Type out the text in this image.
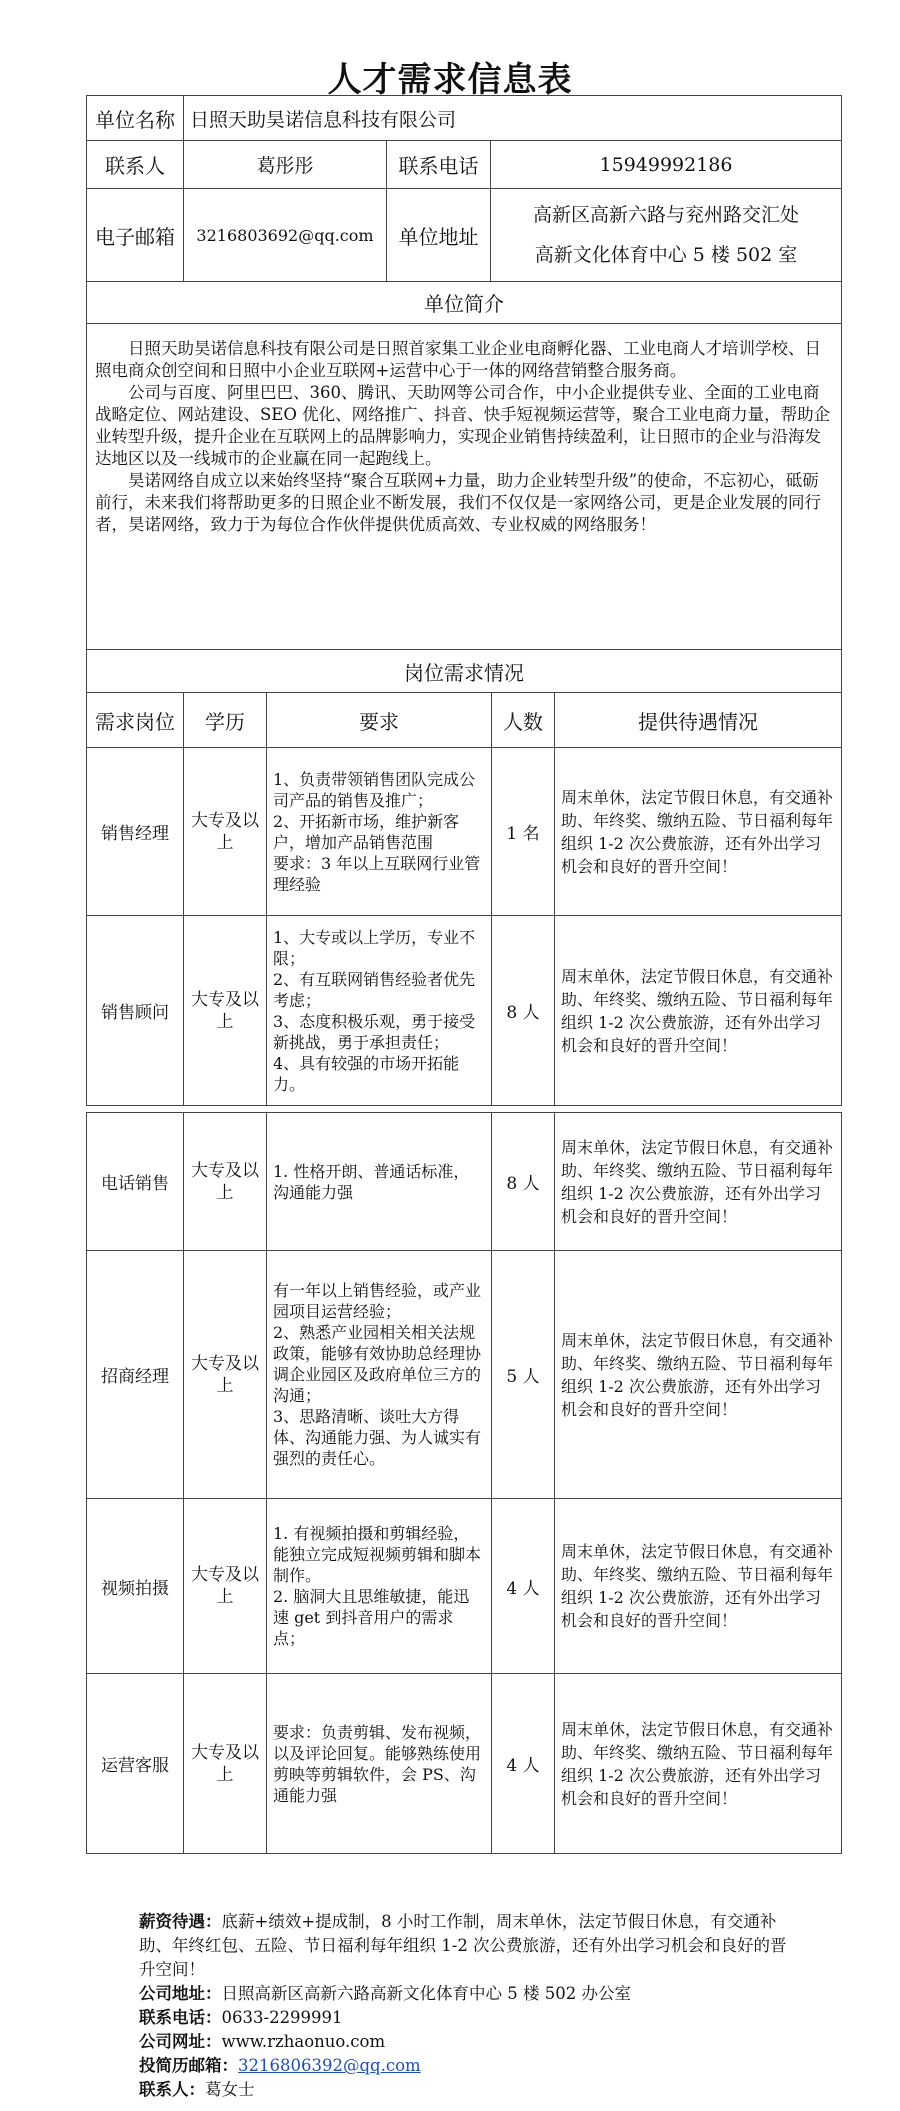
人才需求信息表
单位名称	日照天助昊诺信息科技有限公司		
联系人	葛彤彤	联系电话	15949992186
电子邮箱	3216803692@qq.com	单位地址	高新区高新六路与兖州路交汇处
高新文化体育中心 5 楼 502 室

单位简介			

日照天助昊诺信息科技有限公司是日照首家集工业企业电商孵化器、工业电商人才培训学校、日照电商众创空间和日照中小企业互联网+运营中心于一体的网络营销整合服务商。

公司与百度、阿里巴巴、360、腾讯、天助网等公司合作，中小企业提供专业、全面的工业电商战略定位、网站建设、SEO 优化、网络推广、抖音、快手短视频运营等，聚合工业电商力量，帮助企业转型升级，提升企业在互联网上的品牌影响力，实现企业销售持续盈利，让日照市的企业与沿海发达地区以及一线城市的企业赢在同一起跑线上。

昊诺网络自成立以来始终坚持“聚合互联网+力量，助力企业转型升级”的使命，不忘初心，砥砺前行，未来我们将帮助更多的日照企业不断发展，我们不仅仅是一家网络公司，更是企业发展的同行者，昊诺网络，致力于为每位合作伙伴提供优质高效、专业权威的网络服务！			

岗位需求情况			
需求岗位	学历	要求	人数	提供待遇情况
销售经理	大专及以上	1、负责带领销售团队完成公司产品的销售及推广；
2、开拓新市场，维护新客户，增加产品销售范围
要求：3 年以上互联网行业管理经验	1 名	周末单休，法定节假日休息，有交通补助、年终奖、缴纳五险、节日福利每年组织 1-2 次公费旅游，还有外出学习机会和良好的晋升空间！
销售顾问	大专及以上	1、大专或以上学历，专业不限；
2、有互联网销售经验者优先考虑；
3、态度积极乐观，勇于接受新挑战，勇于承担责任；
4、具有较强的市场开拓能力。	8 人	周末单休，法定节假日休息，有交通补助、年终奖、缴纳五险、节日福利每年组织 1-2 次公费旅游，还有外出学习机会和良好的晋升空间！
电话销售	大专及以上	1. 性格开朗、普通话标准，沟通能力强	8 人	周末单休，法定节假日休息，有交通补助、年终奖、缴纳五险、节日福利每年组织 1-2 次公费旅游，还有外出学习机会和良好的晋升空间！
招商经理	大专及以上	有一年以上销售经验，或产业园项目运营经验；
2、熟悉产业园相关相关法规政策，能够有效协助总经理协调企业园区及政府单位三方的沟通；
3、思路清晰、谈吐大方得体、沟通能力强、为人诚实有强烈的责任心。	5 人	周末单休，法定节假日休息，有交通补助、年终奖、缴纳五险、节日福利每年组织 1-2 次公费旅游，还有外出学习机会和良好的晋升空间！
视频拍摄	大专及以上	1. 有视频拍摄和剪辑经验，能独立完成短视频剪辑和脚本制作。
2. 脑洞大且思维敏捷，能迅速 get 到抖音用户的需求点；	4 人	周末单休，法定节假日休息，有交通补助、年终奖、缴纳五险、节日福利每年组织 1-2 次公费旅游，还有外出学习机会和良好的晋升空间！
运营客服	大专及以上	要求：负责剪辑、发布视频，以及评论回复。能够熟练使用剪映等剪辑软件，会 PS、沟通能力强	4 人	周末单休，法定节假日休息，有交通补助、年终奖、缴纳五险、节日福利每年组织 1-2 次公费旅游，还有外出学习机会和良好的晋升空间！
薪资待遇：底薪+绩效+提成制，8 小时工作制，周末单休，法定节假日休息，有交通补助、年终红包、五险、节日福利每年组织 1-2 次公费旅游，还有外出学习机会和良好的晋升空间！
公司地址：日照高新区高新六路高新文化体育中心 5 楼 502 办公室
联系电话：0633-2299991
公司网址：www.rzhaonuo.com
投简历邮箱：3216806392@qq.com
联系人：葛女士
